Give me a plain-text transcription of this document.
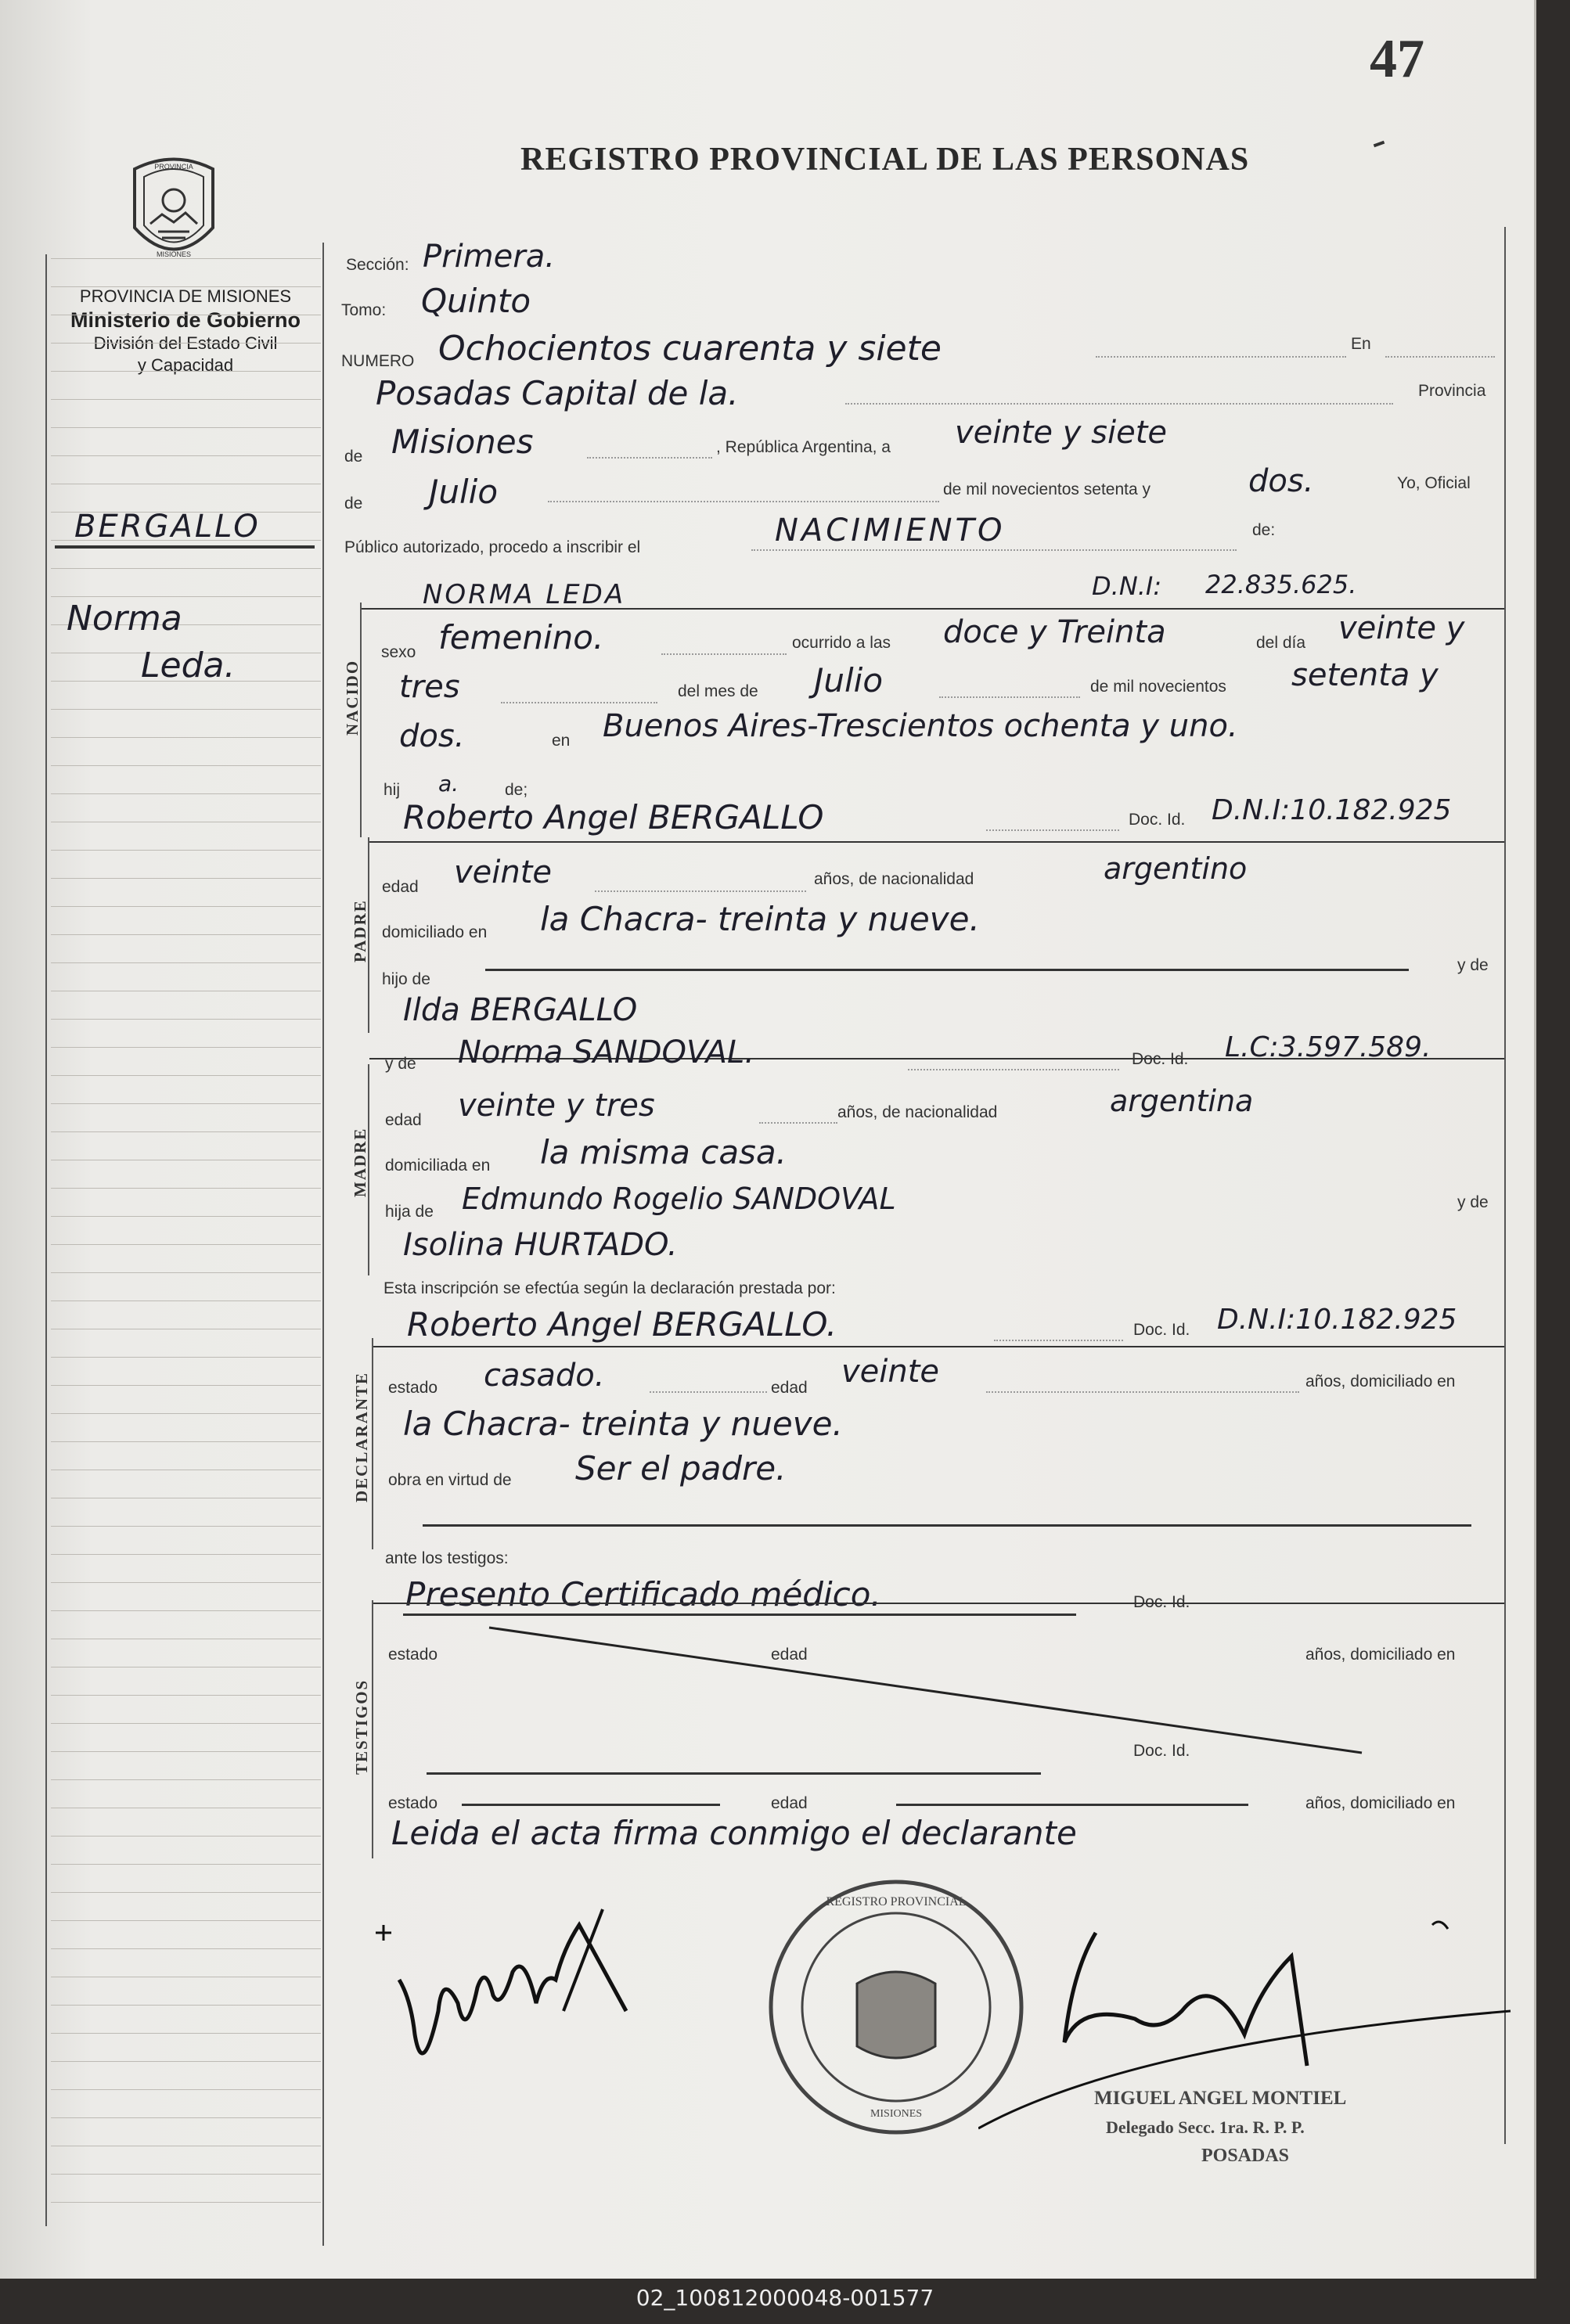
47
REGISTRO PROVINCIAL DE LAS PERSONAS
PROVINCIA
MISIONES
PROVINCIA DE MISIONES
Ministerio de Gobierno
División del Estado Civil
y Capacidad
BERGALLO
Norma
Leda.
Sección: Primera.
Tomo: Quinto
NUMERO Ochocientos cuarenta y siete	En
Posadas Capital de la.	Provincia
de Misiones	, República Argentina, a veinte y siete
de Julio	de mil novecientos setenta y	dos.	Yo, Oficial
Público autorizado, procedo a inscribir el	NACIMIENTO	de:
NACIDO
NORMA LEDA	D.N.I: 22.835.625.
sexo femenino.	ocurrido a las doce y Treinta	del día veinte y
tres	del mes de Julio	de mil novecientos setenta y
dos.	en Buenos Aires-Trescientos ochenta y uno.
hij a.	de;
PADRE
Roberto Angel BERGALLO	Doc. Id. D.N.I:10.182.925
edad veinte	años, de nacionalidad	argentino
domiciliado en la Chacra- treinta y nueve.
hijo de
y de
Ilda BERGALLO
MADRE
y de Norma SANDOVAL.	Doc. Id. L.C:3.597.589.
edad veinte y tres	años, de nacionalidad	argentina
domiciliada en la misma casa.
hija de Edmundo Rogelio SANDOVAL	y de
Isolina HURTADO.
Esta inscripción se efectúa según la declaración prestada por:
DECLARANTE
Roberto Angel BERGALLO.	Doc. Id. D.N.I:10.182.925
estado casado.	edad veinte	años, domiciliado en
la Chacra- treinta y nueve.
obra en virtud de Ser el padre.
ante los testigos:
TESTIGOS
Presento Certificado médico.	Doc. Id.
estado	edad	años, domiciliado en
Doc. Id.
estado	edad	años, domiciliado en
Leida el acta firma conmigo el declarante
REGISTRO PROVINCIAL
MISIONES
MIGUEL ANGEL MONTIEL
Delegado Secc. 1ra. R. P. P.
POSADAS
02_100812000048-001577
